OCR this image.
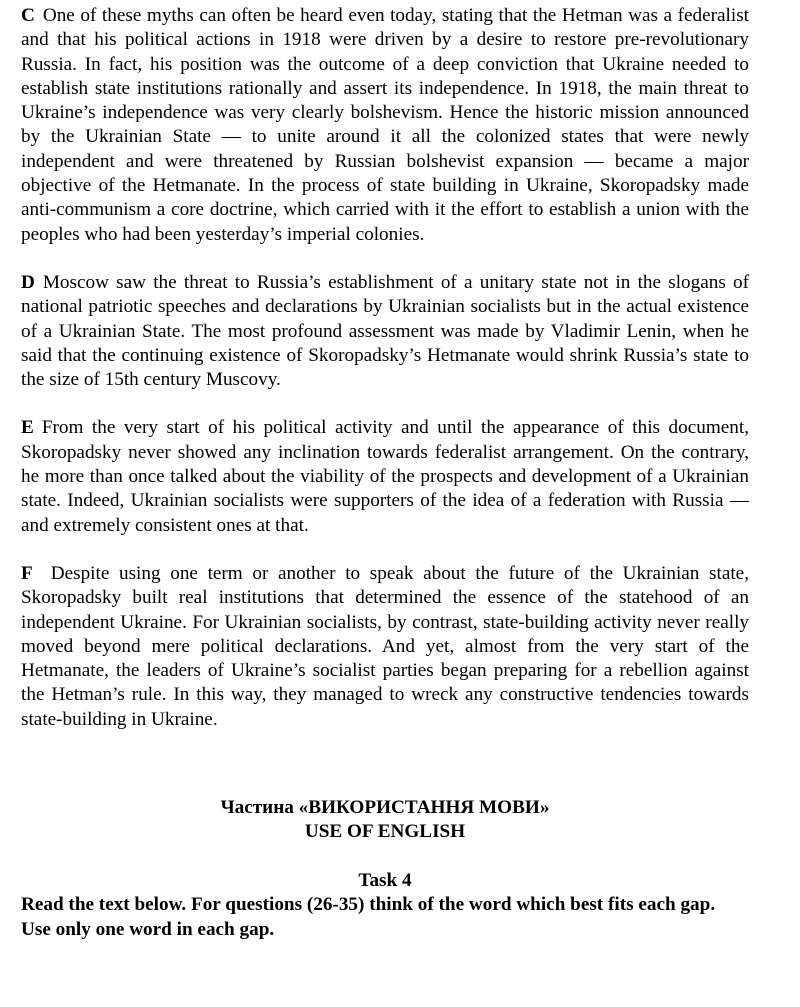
C One of these myths can often be heard even today, stating that the Hetman was a federalist and that his political actions in 1918 were driven by a desire to restore pre-revolutionary Russia. In fact, his position was the outcome of a deep conviction that Ukraine needed to establish state institutions rationally and assert its independence. In 1918, the main threat to Ukraine’s independence was very clearly bolshevism. Hence the historic mission announced by the Ukrainian State — to unite around it all the colonized states that were newly independent and were threatened by Russian bolshevist expansion — became a major objective of the Hetmanate. In the process of state building in Ukraine, Skoropadsky made anti-communism a core doctrine, which carried with it the effort to establish a union with the peoples who had been yesterday’s imperial colonies.

D Moscow saw the threat to Russia’s establishment of a unitary state not in the slogans of national patriotic speeches and declarations by Ukrainian socialists but in the actual existence of a Ukrainian State. The most profound assessment was made by Vladimir Lenin, when he said that the continuing existence of Skoropadsky’s Hetmanate would shrink Russia’s state to the size of 15th century Muscovy.

E From the very start of his political activity and until the appearance of this document, Skoropadsky never showed any inclination towards federalist arrangement. On the contrary, he more than once talked about the viability of the prospects and development of a Ukrainian state. Indeed, Ukrainian socialists were supporters of the idea of a federation with Russia — and extremely consistent ones at that.

F Despite using one term or another to speak about the future of the Ukrainian state, Skoropadsky built real institutions that determined the essence of the statehood of an independent Ukraine. For Ukrainian socialists, by contrast, state-building activity never really moved beyond mere political declarations. And yet, almost from the very start of the Hetmanate, the leaders of Ukraine’s socialist parties began preparing for a rebellion against the Hetman’s rule. In this way, they managed to wreck any constructive tendencies towards state-building in Ukraine.

Частина «ВИКОРИСТАННЯ МОВИ»

USE OF ENGLISH

Task 4

Read the text below. For questions (26-35) think of the word which best fits each gap. Use only one word in each gap.
